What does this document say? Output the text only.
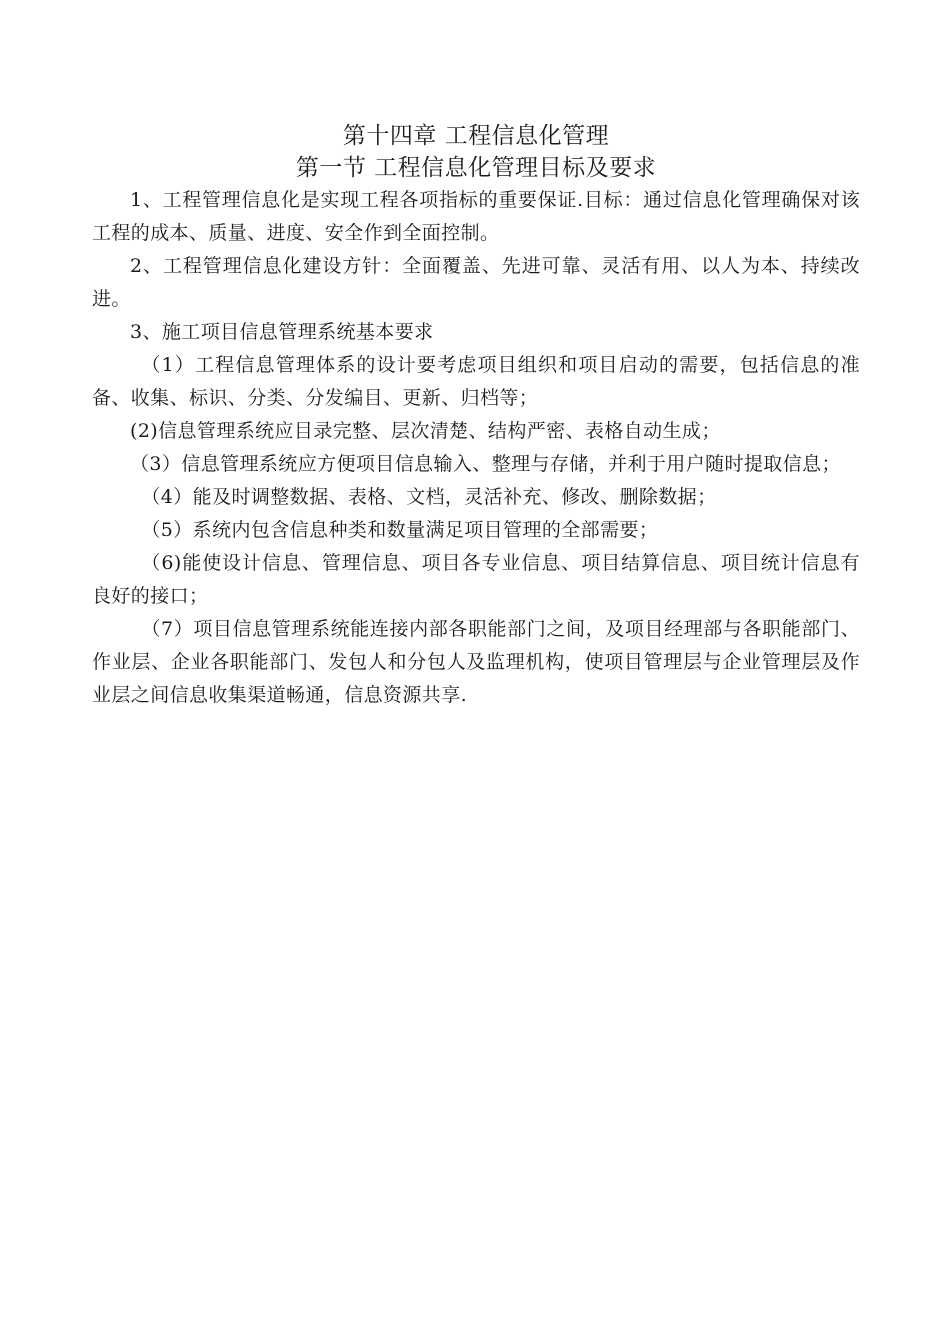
第十四章 工程信息化管理
第一节 工程信息化管理目标及要求

1、工程管理信息化是实现工程各项指标的重要保证.目标：通过信息化管理确保对该工程的成本、质量、进度、安全作到全面控制。

2、工程管理信息化建设方针：全面覆盖、先进可靠、灵活有用、以人为本、持续改进。

3、施工项目信息管理系统基本要求

（1）工程信息管理体系的设计要考虑项目组织和项目启动的需要，包括信息的准备、收集、标识、分类、分发编目、更新、归档等；

(2)信息管理系统应目录完整、层次清楚、结构严密、表格自动生成；

（3）信息管理系统应方便项目信息输入、整理与存储，并利于用户随时提取信息；

（4）能及时调整数据、表格、文档，灵活补充、修改、删除数据；

（5）系统内包含信息种类和数量满足项目管理的全部需要；

（6)能使设计信息、管理信息、项目各专业信息、项目结算信息、项目统计信息有良好的接口；

（7）项目信息管理系统能连接内部各职能部门之间，及项目经理部与各职能部门、作业层、企业各职能部门、发包人和分包人及监理机构，使项目管理层与企业管理层及作业层之间信息收集渠道畅通，信息资源共享.
